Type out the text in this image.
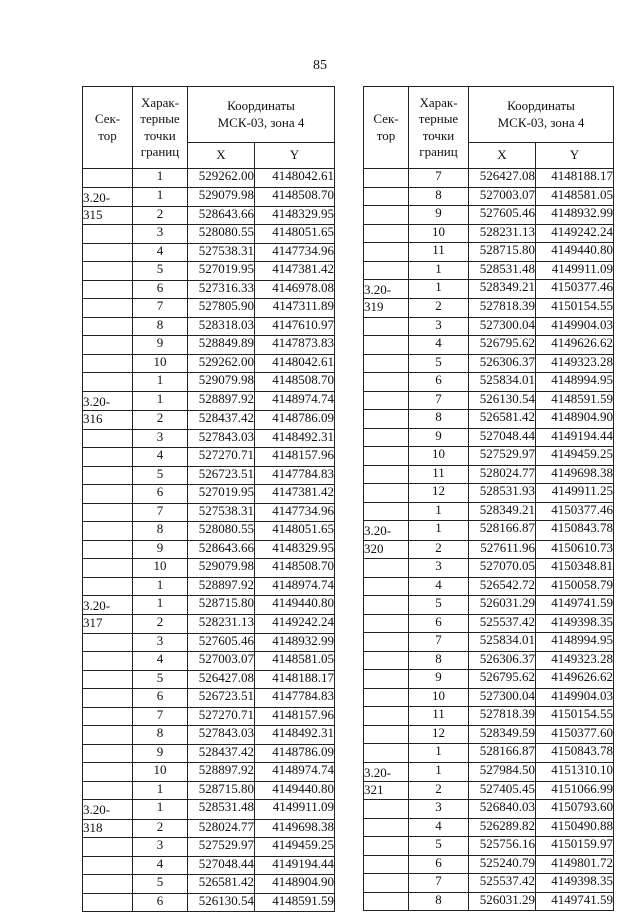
85
Сек-
тор	Харак-
терные
точки
границ	Координаты
МСК-03, зона 4	

		X	Y
	1	529262.00	4148042.61
3.20-	1	529079.98	4148508.70
315	2	528643.66	4148329.95
	3	528080.55	4148051.65
	4	527538.31	4147734.96
	5	527019.95	4147381.42
	6	527316.33	4146978.08
	7	527805.90	4147311.89
	8	528318.03	4147610.97
	9	528849.89	4147873.83
	10	529262.00	4148042.61
	1	529079.98	4148508.70
3.20-	1	528897.92	4148974.74
316	2	528437.42	4148786.09
	3	527843.03	4148492.31
	4	527270.71	4148157.96
	5	526723.51	4147784.83
	6	527019.95	4147381.42
	7	527538.31	4147734.96
	8	528080.55	4148051.65
	9	528643.66	4148329.95
	10	529079.98	4148508.70
	1	528897.92	4148974.74
3.20-	1	528715.80	4149440.80
317	2	528231.13	4149242.24
	3	527605.46	4148932.99
	4	527003.07	4148581.05
	5	526427.08	4148188.17
	6	526723.51	4147784.83
	7	527270.71	4148157.96
	8	527843.03	4148492.31
	9	528437.42	4148786.09
	10	528897.92	4148974.74
	1	528715.80	4149440.80
3.20-	1	528531.48	4149911.09
318	2	528024.77	4149698.38
	3	527529.97	4149459.25
	4	527048.44	4149194.44
	5	526581.42	4148904.90
	6	526130.54	4148591.59
Сек-
тор	Харак-
терные
точки
границ	Координаты
МСК-03, зона 4	

		X	Y
	7	526427.08	4148188.17
	8	527003.07	4148581.05
	9	527605.46	4148932.99
	10	528231.13	4149242.24
	11	528715.80	4149440.80
	1	528531.48	4149911.09
3.20-	1	528349.21	4150377.46
319	2	527818.39	4150154.55
	3	527300.04	4149904.03
	4	526795.62	4149626.62
	5	526306.37	4149323.28
	6	525834.01	4148994.95
	7	526130.54	4148591.59
	8	526581.42	4148904.90
	9	527048.44	4149194.44
	10	527529.97	4149459.25
	11	528024.77	4149698.38
	12	528531.93	4149911.25
	1	528349.21	4150377.46
3.20-	1	528166.87	4150843.78
320	2	527611.96	4150610.73
	3	527070.05	4150348.81
	4	526542.72	4150058.79
	5	526031.29	4149741.59
	6	525537.42	4149398.35
	7	525834.01	4148994.95
	8	526306.37	4149323.28
	9	526795.62	4149626.62
	10	527300.04	4149904.03
	11	527818.39	4150154.55
	12	528349.59	4150377.60
	1	528166.87	4150843.78
3.20-	1	527984.50	4151310.10
321	2	527405.45	4151066.99
	3	526840.03	4150793.60
	4	526289.82	4150490.88
	5	525756.16	4150159.97
	6	525240.79	4149801.72
	7	525537.42	4149398.35
	8	526031.29	4149741.59
